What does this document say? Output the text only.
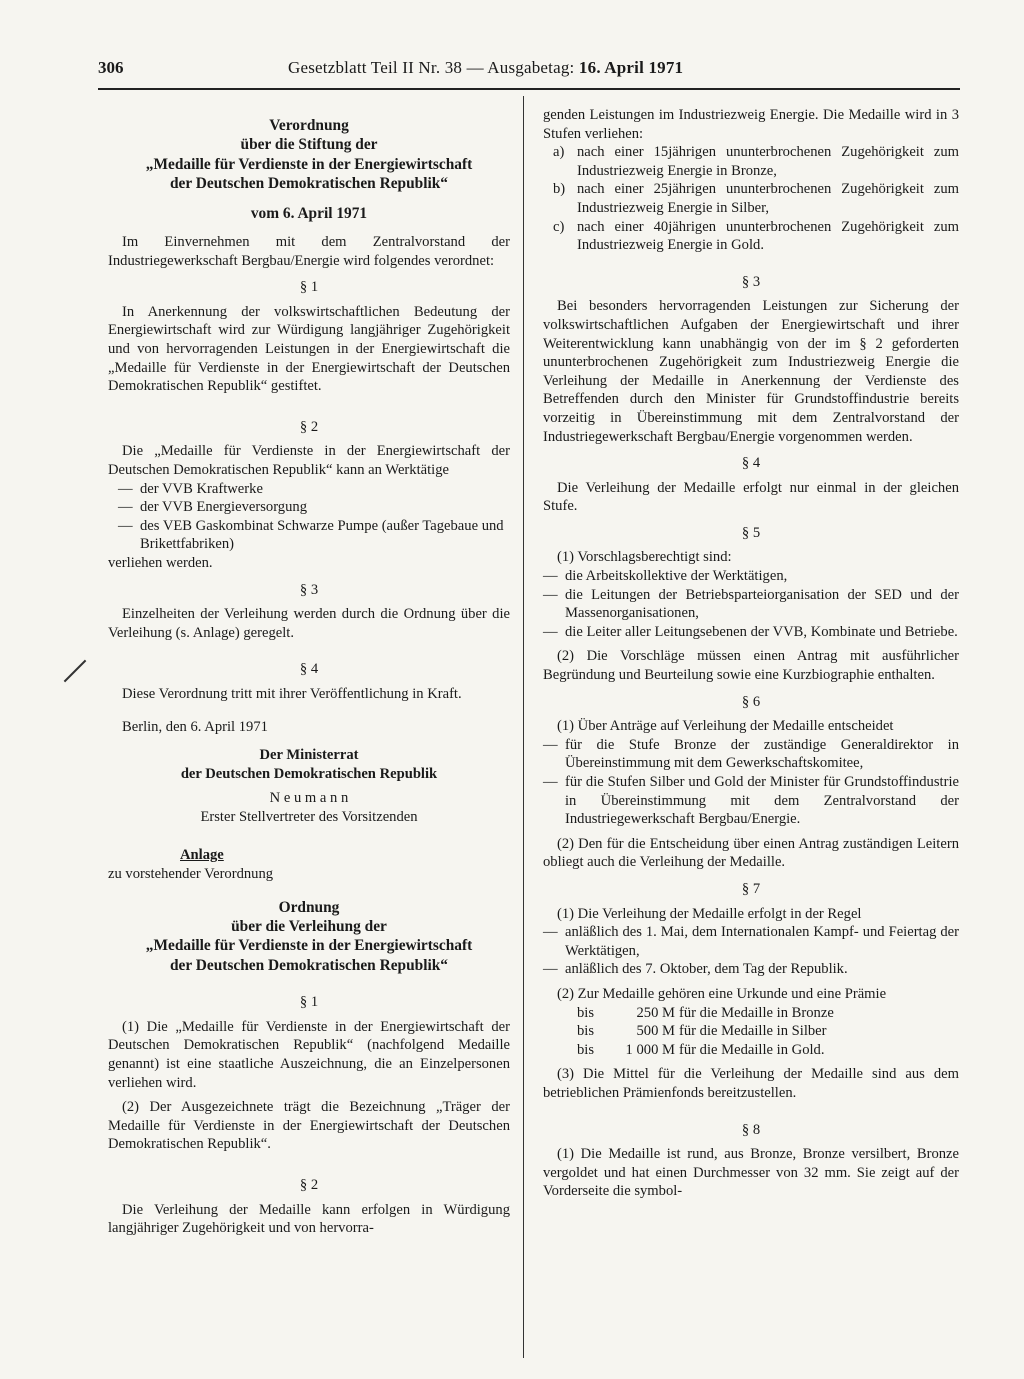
306	Gesetzblatt Teil II Nr. 38 — Ausgabetag: 16. April 1971

Verordnung

über die Stiftung der

„Medaille für Verdienste in der Energiewirtschaft

der Deutschen Demokratischen Republik“

vom 6. April 1971

Im Einvernehmen mit dem Zentralvorstand der Industriegewerkschaft Bergbau/Energie wird folgendes verordnet:

§ 1

In Anerkennung der volkswirtschaftlichen Bedeutung der Energiewirtschaft wird zur Würdigung langjähriger Zugehörigkeit und von hervorragenden Leistungen in der Energiewirtschaft die „Medaille für Verdienste in der Energiewirtschaft der Deutschen Demokratischen Republik“ gestiftet.

§ 2

Die „Medaille für Verdienste in der Energiewirtschaft der Deutschen Demokratischen Republik“ kann an Werktätige

— der VVB Kraftwerke

— der VVB Energieversorgung

— des VEB Gaskombinat Schwarze Pumpe (außer Tagebaue und Brikettfabriken)

verliehen werden.

§ 3

Einzelheiten der Verleihung werden durch die Ordnung über die Verleihung (s. Anlage) geregelt.

§ 4

Diese Verordnung tritt mit ihrer Veröffentlichung in Kraft.

Berlin, den 6. April 1971

Der Ministerrat

der Deutschen Demokratischen Republik

N e u m a n n

Erster Stellvertreter des Vorsitzenden

Anlage

zu vorstehender Verordnung

Ordnung

über die Verleihung der

„Medaille für Verdienste in der Energiewirtschaft

der Deutschen Demokratischen Republik“

§ 1

(1) Die „Medaille für Verdienste in der Energiewirtschaft der Deutschen Demokratischen Republik“ (nachfolgend Medaille genannt) ist eine staatliche Auszeichnung, die an Einzelpersonen verliehen wird.

(2) Der Ausgezeichnete trägt die Bezeichnung „Träger der Medaille für Verdienste in der Energiewirtschaft der Deutschen Demokratischen Republik“.

§ 2

Die Verleihung der Medaille kann erfolgen in Würdigung langjähriger Zugehörigkeit und von hervorra-

genden Leistungen im Industriezweig Energie. Die Medaille wird in 3 Stufen verliehen:

a) nach einer 15jährigen ununterbrochenen Zugehörigkeit zum Industriezweig Energie in Bronze,

b) nach einer 25jährigen ununterbrochenen Zugehörigkeit zum Industriezweig Energie in Silber,

c) nach einer 40jährigen ununterbrochenen Zugehörigkeit zum Industriezweig Energie in Gold.

§ 3

Bei besonders hervorragenden Leistungen zur Sicherung der volkswirtschaftlichen Aufgaben der Energiewirtschaft und ihrer Weiterentwicklung kann unabhängig von der im § 2 geforderten ununterbrochenen Zugehörigkeit zum Industriezweig Energie die Verleihung der Medaille in Anerkennung der Verdienste des Betreffenden durch den Minister für Grundstoffindustrie bereits vorzeitig in Übereinstimmung mit dem Zentralvorstand der Industriegewerkschaft Bergbau/Energie vorgenommen werden.

§ 4

Die Verleihung der Medaille erfolgt nur einmal in der gleichen Stufe.

§ 5

(1) Vorschlagsberechtigt sind:

— die Arbeitskollektive der Werktätigen,

— die Leitungen der Betriebsparteiorganisation der SED und der Massenorganisationen,

— die Leiter aller Leitungsebenen der VVB, Kombinate und Betriebe.

(2) Die Vorschläge müssen einen Antrag mit ausführlicher Begründung und Beurteilung sowie eine Kurzbiographie enthalten.

§ 6

(1) Über Anträge auf Verleihung der Medaille entscheidet

— für die Stufe Bronze der zuständige Generaldirektor in Übereinstimmung mit dem Gewerkschaftskomitee,

— für die Stufen Silber und Gold der Minister für Grundstoffindustrie in Übereinstimmung mit dem Zentralvorstand der Industriegewerkschaft Bergbau/Energie.

(2) Den für die Entscheidung über einen Antrag zuständigen Leitern obliegt auch die Verleihung der Medaille.

§ 7

(1) Die Verleihung der Medaille erfolgt in der Regel

— anläßlich des 1. Mai, dem Internationalen Kampf- und Feiertag der Werktätigen,

— anläßlich des 7. Oktober, dem Tag der Republik.

(2) Zur Medaille gehören eine Urkunde und eine Prämie

bis	250 M für die Medaille in Bronze
bis	500 M für die Medaille in Silber
bis	1 000 M für die Medaille in Gold.

(3) Die Mittel für die Verleihung der Medaille sind aus dem betrieblichen Prämienfonds bereitzustellen.

§ 8

(1) Die Medaille ist rund, aus Bronze, Bronze versilbert, Bronze vergoldet und hat einen Durchmesser von 32 mm. Sie zeigt auf der Vorderseite die symbol-
